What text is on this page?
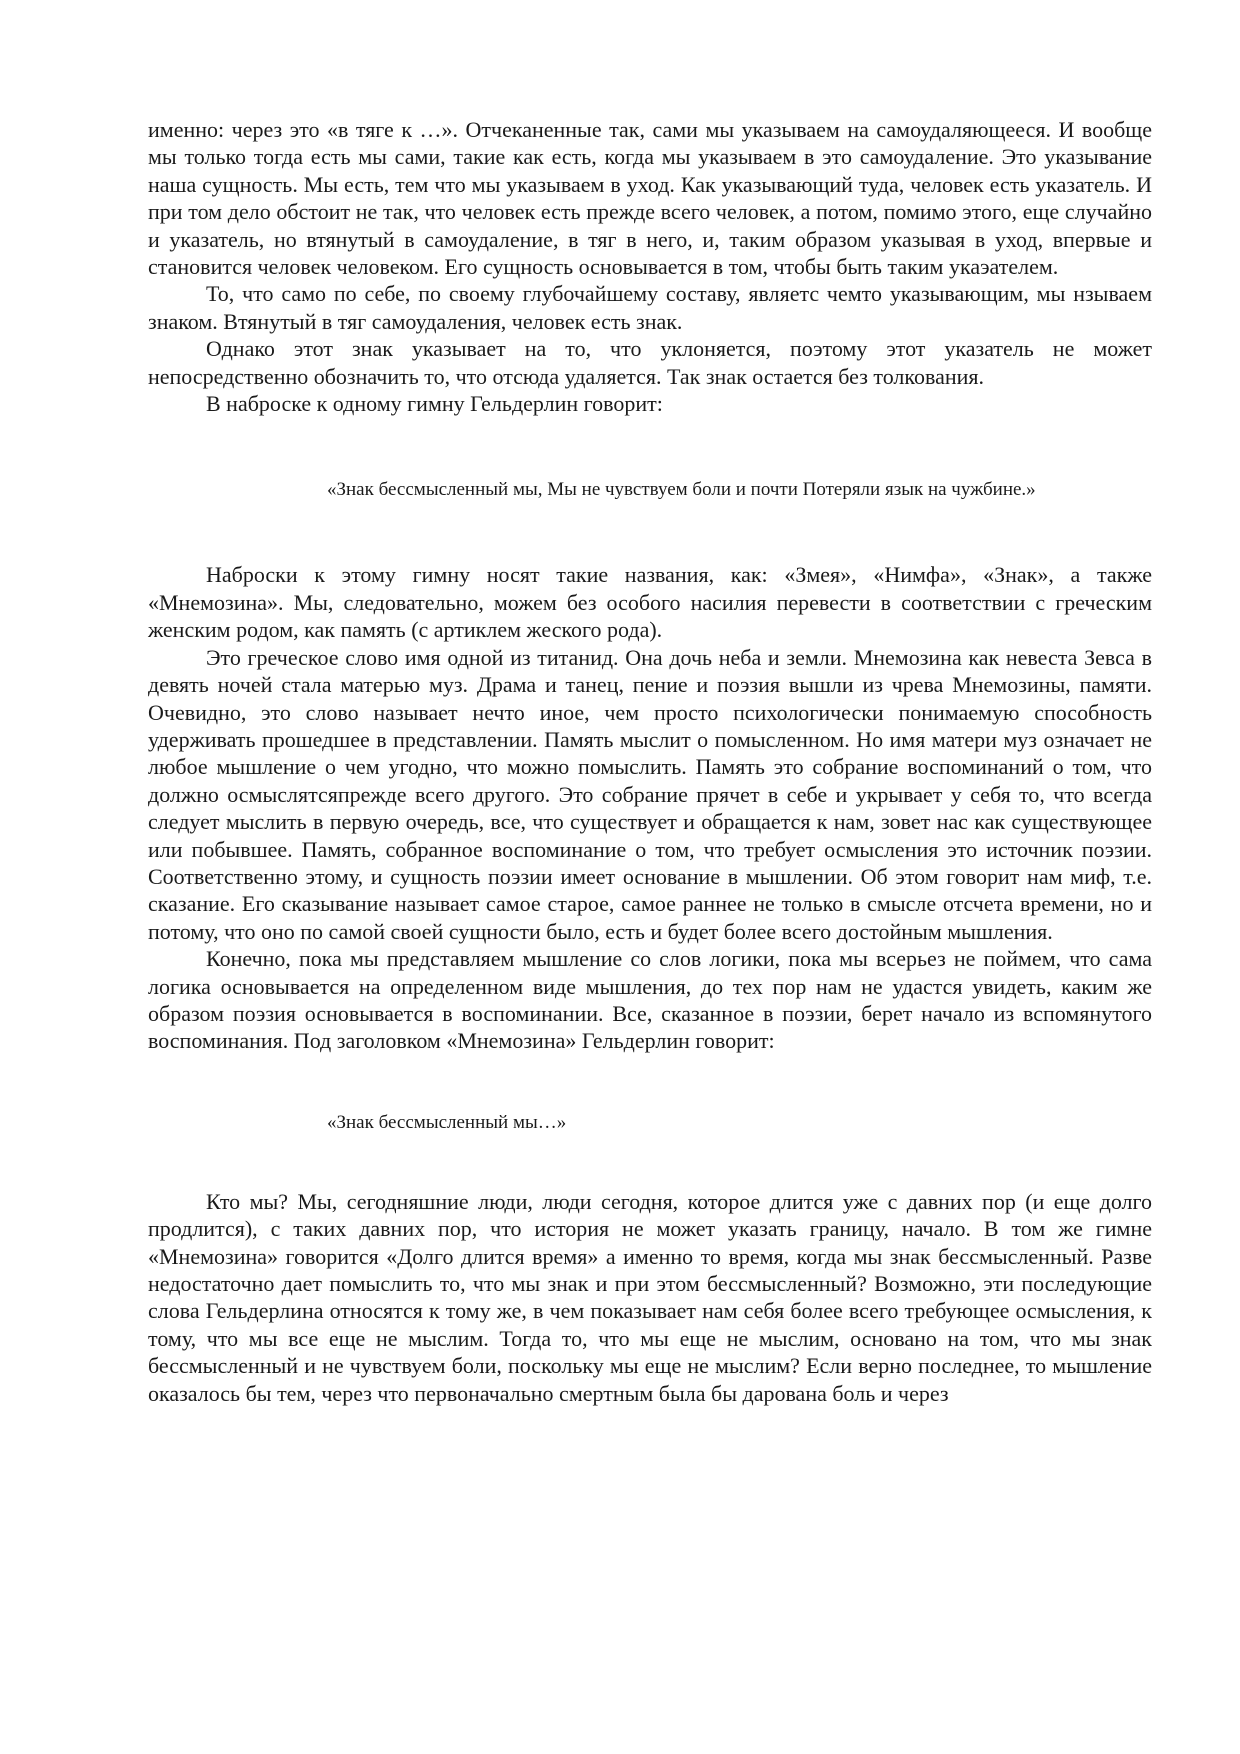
именно: через это «в тяге к …». Отчеканенные так, сами мы указываем на самоудаляющееся. И вообще мы только тогда есть мы сами, такие как есть, когда мы указываем в это самоудаление. Это указывание наша сущность. Мы есть, тем что мы указываем в уход. Как указывающий туда, человек есть указатель. И при том дело обстоит не так, что человек есть прежде всего человек, а потом, помимо этого, еще случайно и указатель, но втянутый в самоудаление, в тяг в него, и, таким образом указывая в уход, впервые и становится человек человеком. Его сущность основывается в том, чтобы быть таким укаэателем.

То, что само по себе, по своему глубочайшему составу, являетс чемто указывающим, мы нзываем знаком. Втянутый в тяг самоудаления, человек есть знак.

Однако этот знак указывает на то, что уклоняется, поэтому этот указатель не может непосредственно обозначить то, что отсюда удаляется. Так знак остается без толкования.

В наброске к одному гимну Гельдерлин говорит:

«Знак бессмысленный мы, Мы не чувствуем боли и почти Потеряли язык на чужбине.»

Наброски к этому гимну носят такие названия, как: «Змея», «Нимфа», «Знак», а также «Мнемозина». Мы, следовательно, можем без особого насилия перевести в соответствии с греческим женским родом, как память (с артиклем жеского рода).

Это греческое слово имя одной из титанид. Она дочь неба и земли. Мнемозина как невеста Зевса в девять ночей стала матерью муз. Драма и танец, пение и поэзия вышли из чрева Мнемозины, памяти. Очевидно, это слово называет нечто иное, чем просто психологически понимаемую способность удерживать прошедшее в представлении. Память мыслит о помысленном. Но имя матери муз означает не любое мышление о чем угодно, что можно помыслить. Память это собрание воспоминаний о том, что должно осмыслятсяпрежде всего другого. Это собрание прячет в себе и укрывает у себя то, что всегда следует мыслить в первую очередь, все, что существует и обращается к нам, зовет нас как существующее или побывшее. Память, собранное воспоминание о том, что требует осмысления это источник поэзии. Соответственно этому, и сущность поэзии имеет основание в мышлении. Об этом говорит нам миф, т.е. сказание. Его сказывание называет самое старое, самое раннее не только в смысле отсчета времени, но и потому, что оно по самой своей сущности было, есть и будет более всего достойным мышления.

Конечно, пока мы представляем мышление со слов логики, пока мы всерьез не поймем, что сама логика основывается на определенном виде мышления, до тех пор нам не удастся увидеть, каким же образом поэзия основывается в воспоминании. Все, сказанное в поэзии, берет начало из вспомянутого воспоминания. Под заголовком «Мнемозина» Гельдерлин говорит:

«Знак бессмысленный мы…»

Кто мы? Мы, сегодняшние люди, люди сегодня, которое длится уже с давних пор (и еще долго продлится), с таких давних пор, что история не может указать границу, начало. В том же гимне «Мнемозина» говорится «Долго длится время» а именно то время, когда мы знак бессмысленный. Разве недостаточно дает помыслить то, что мы знак и при этом бессмысленный? Возможно, эти последующие слова Гельдерлина относятся к тому же, в чем показывает нам себя более всего требующее осмысления, к тому, что мы все еще не мыслим. Тогда то, что мы еще не мыслим, основано на том, что мы знак бессмысленный и не чувствуем боли, поскольку мы еще не мыслим? Если верно последнее, то мышление оказалось бы тем, через что первоначально смертным была бы дарована боль и через
